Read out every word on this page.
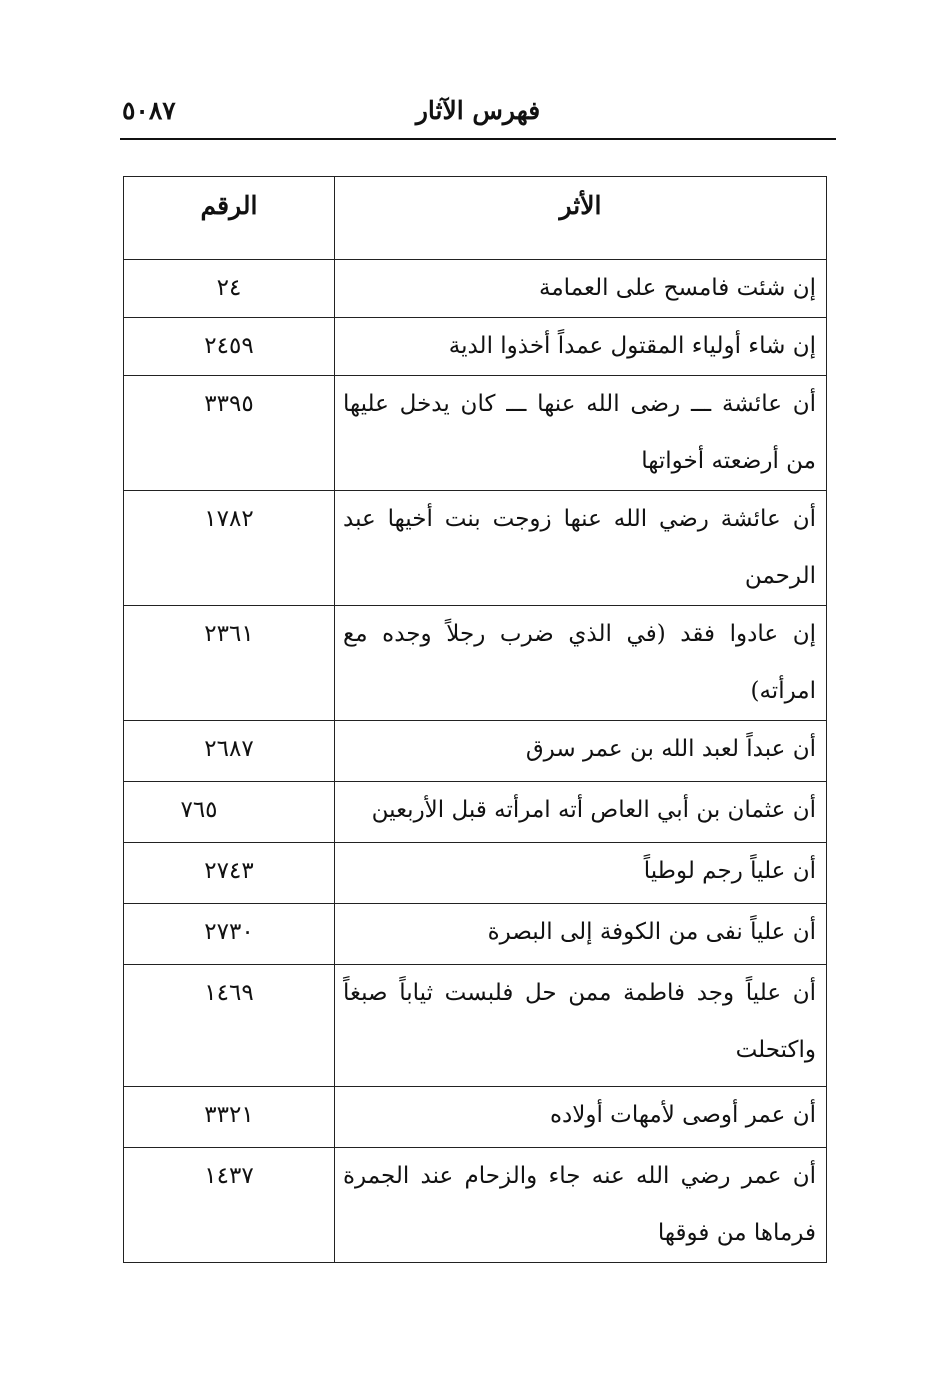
فهرس الآثار
٥٠٨٧
الأثر	الرقم
إن شئت فامسح على العمامة	٢٤
إن شاء أولياء المقتول عمداً أخذوا الدية	٢٤٥٩
أن عائشة ـــ رضى الله عنها ـــ كان يدخل عليها من أرضعته أخواتها	٣٣٩٥
أن عائشة رضي الله عنها زوجت بنت أخيها عبد الرحمن	١٧٨٢
إن عادوا فقد (في الذي ضرب رجلاً وجده مع امرأته)	٢٣٦١
أن عبداً لعبد الله بن عمر سرق	٢٦٨٧
أن عثمان بن أبي العاص أته امرأته قبل الأربعين	٧٦٥
أن علياً رجم لوطياً	٢٧٤٣
أن علياً نفى من الكوفة إلى البصرة	٢٧٣٠
أن علياً وجد فاطمة ممن حل فلبست ثياباً صبغاً واكتحلت	١٤٦٩
أن عمر أوصى لأمهات أولاده	٣٣٢١
أن عمر رضي الله عنه جاء والزحام عند الجمرة فرماها من فوقها	١٤٣٧
